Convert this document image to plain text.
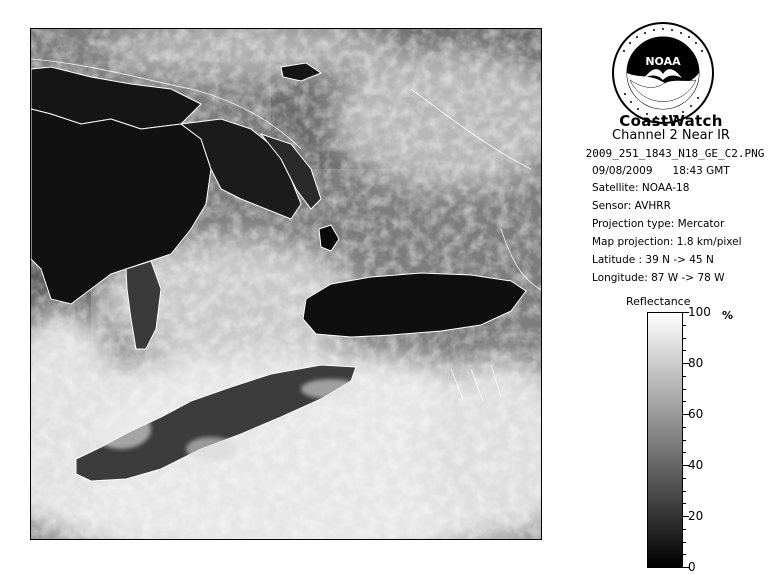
NOAA
CoastWatch
Channel 2 Near IR
2009_251_1843_N18_GE_C2.PNG
09/08/2009      18:43 GMT
Satellite: NOAA-18
Sensor: AVHRR
Projection type: Mercator
Map projection: 1.8 km/pixel
Latitude : 39 N -> 45 N
Reflectance
%
100
80
60
40
20
0
Longitude: 87 W -> 78 W
